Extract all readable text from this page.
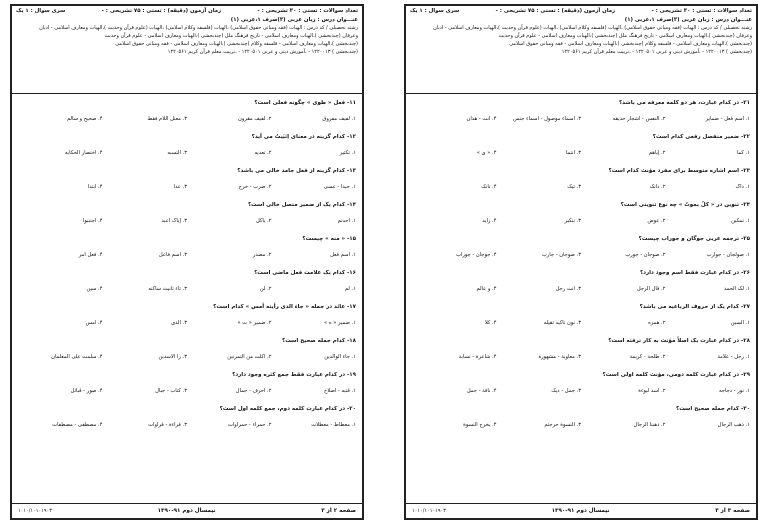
تعداد سوالات : تستی : ۳۰ تشریحی : -
زمان آزمون (دقیقه) : تستی : ۷۵ تشریحی : -
سری سوال : ۱ یک
عنـــوان درس : زبان عربی (۳)صرف ۱،عربی (۱)
رشته تحصیلی / کد درس : الهیات (فقه ومبانی حقوق اسلامی) ،الهیات (فلسفه وکلام اسلامی) ،الهیات (علوم قرآن وحدیث )،الهیات ومعارف اسلامی - ادیان
وعرفان (چندبخشی )،الهیات ومعارف اسلامی - تاریخ فرهنگ ملل (چندبخشی )،الهیات ومعارف اسلامی - علوم قرآن وحدیث
(چندبخشی )،الهیات ومعارف اسلامی - فلسفه وکلام (چندبخشی )،الهیات ومعارف اسلامی - فقه ومبانی حقوق اسلامی
(چندبخشی ) ۱۲۲۰۰۱۳ - ،آموزش دینی و عربی ۱۲۲۰۵۰۱ - ،تربیت معلم قرآن کریم ۱۲۲۰۵۶۱
۱۱- فعل « طوی » چگونه فعلی است؟
۱. لفیف مفروق
۲. لفیف مقرون
۳. معتل اللام فقط
۴. صحیح و سالم
۱۲- کدام گزینه در معنای اِثبَیتُ می آید؟
۱. تکثیر
۲. تعدیه
۳. التسبه
۴. اختصار الحکایه
۱۳- کدام گزینه از فعل جامد خالی می باشد؟
۱. حبذا - عسی
۲. ضرب - خرج
۳. عدا
۴. ابتدأ
۱۴- کدام یک از ضمیر متصل خالی است؟
۱. أحدنم
۲. یاکل
۳. إیاک أعبد
۴. اجتنبوا
۱۵- « منه » چیست؟
۱. اسم فعل
۲. مصدر
۳. اسم فاعل
۴. فعل امر
۱۶- کدام یک علامت فعل ماضی است؟
۱. لم
۲. لن
۳. تاء تأنیث ساکنه
۴. سین
۱۷- عائد در جمله « جاء الذی رأیته أمس » کدام است؟
۱. ضمیر « ه »
۲. ضمیر « ت »
۳. الذی
۴. أمس
۱۸- کدام جمله صحیح است؟
۱. جاء الوالدین
۲. أکلت من التمرتین
۳. رأ الأسدین
۴. سلمت علی المعلمان
۱۹- در کدام عبارت فقط جمع کثره وجود دارد؟
۱. قتبه - اصلاح
۲. أحرف - جمال
۳. کتاب - جبال
۴. صور - قبائل
۲۰- در کدام عبارت کلمه دوم، جمع کلمه اول است؟
۱. معطاط - معطلات
۲. حمراء - حمراوات
۳. قراءة - قراوات
۴. مصطفی - مصطفات
صفحه ۲ از ۳
نیمسال دوم ۹۱-۱۳۹۰
۱۰۱۰/۱۰۱۰۱۹۰۳
تعداد سوالات : تستی : ۳۰ تشریحی : -
زمان آزمون (دقیقه) : تستی : ۷۵ تشریحی : -
سری سوال : ۱ یک
عنـــوان درس : زبان عربی (۳)صرف ۱،عربی (۱)
رشته تحصیلی / کد درس : الهیات (فقه ومبانی حقوق اسلامی) ،الهیات (فلسفه وکلام اسلامی) ،الهیات (علوم قرآن وحدیث )،الهیات ومعارف اسلامی - ادیان
وعرفان (چندبخشی )،الهیات ومعارف اسلامی - تاریخ فرهنگ ملل (چندبخشی )،الهیات ومعارف اسلامی - علوم قرآن وحدیث
(چندبخشی )،الهیات ومعارف اسلامی - فلسفه وکلام (چندبخشی )،الهیات ومعارف اسلامی - فقه ومبانی حقوق اسلامی
(چندبخشی ) ۱۲۲۰۰۱۳ - ،آموزش دینی و عربی ۱۲۲۰۵۰۱ - ،تربیت معلم قرآن کریم ۱۲۲۰۵۶۱
۲۱- در کدام عبارت، هر دو کلمه معرفه می باشد؟
۱. اسم فعل - ضمایر
۲. النفس - أشجار حدیقه
۳. اسماء موصول - اسماء جنس
۴. أنت - هذان
۲۲- ضمیر منفصل رفعی کدام است؟
۱. کما
۲. إیاهم
۳. أنتما
۴. « ی »
۲۳- اسم اشاره متوسط برای مفرد مؤنث کدام است؟
۱. ذاک
۲. ذانک
۳. تیک
۴. تانک
۲۴- تنوین در « کلٌ یموتُ » چه نوع تنوینی است؟
۱. تمکین
۲. عوض
۳. تنکیر
۴. زاید
۲۵- ترجمه عربی جوگان و جوراب چیست؟
۱. صولجان - جوارب
۲. صوجان - جورب
۳. صوجان - جارب
۴. جوجان - جوراب
۲۶- در کدام عبارت فقط اسم وجود دارد؟
۱. لک الحمد
۲. قال الرجل
۳. أنت رجل
۴. و عالم
۲۷- کدام یک از حروف الرباعیه می باشد؟
۱. السین
۲. همزه
۳. نون تأکید ثقیله
۴. کلا
۲۸- در کدام عبارت یک اصلاً مؤنث به کار نرفته است؟
۱. رجل - علامة
۲. طلحة - کریمة
۳. معاویة - مشهورة
۴. شاعرة - نسابة
۲۹- در کدام عبارت کلمه دومی، مؤنث کلمه اولی است؟
۱. نور - دجاجه
۲. أسد لبوءة
۳. جمل - دیک
۴. ناقة - جمل
۳۰- کدام جمله صحیح است؟
۱. ذهب الرجال
۲. ذهبنا الرجال
۳. النسوة حرجتم
۴. یخرج النسوة
صفحه ۳ از ۳
نیمسال دوم ۹۱-۱۳۹۰
۱۰۱۰/۱۰۱۰۱۹۰۳
